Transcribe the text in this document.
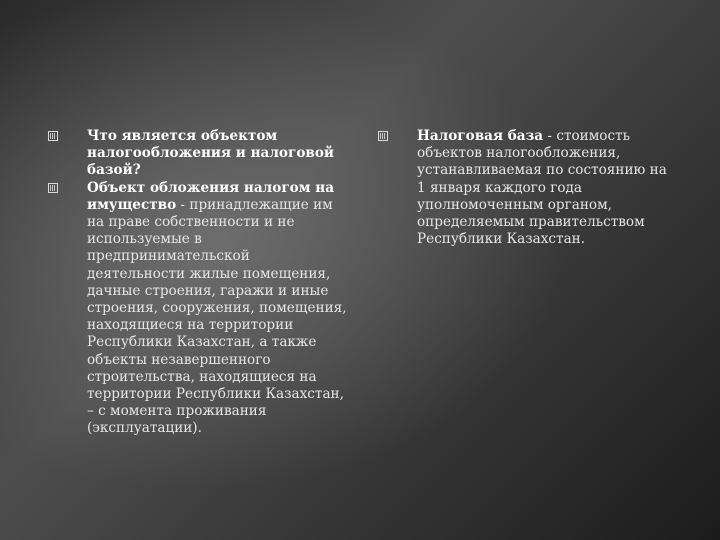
Что является объектом налогообложения и налоговой базой?
Объект обложения налогом на имущество - принадлежащие им на праве собственности и не используемые в предпринимательской деятельности жилые помещения, дачные строения, гаражи и иные строения, сооружения, помещения, находящиеся на территории Республики Казахстан, а также объекты незавершенного строительства, находящиеся на территории Республики Казахстан, – с момента проживания (эксплуатации).
Налоговая база - стоимость объектов налогообложения, устанавливаемая по состоянию на 1 января каждого года уполномоченным органом, определяемым правительством Республики Казахстан.
